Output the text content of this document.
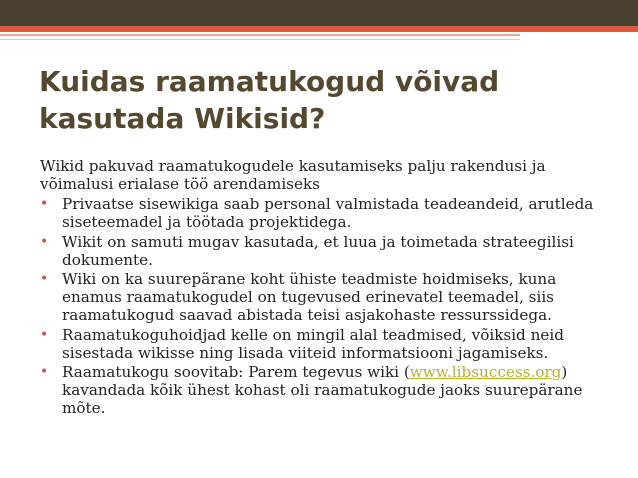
Kuidas raamatukogud võivad kasutada Wikisid?

Wikid pakuvad raamatukogudele kasutamiseks palju rakendusi ja võimalusi erialase töö arendamiseks

• Privaatse sisewikiga saab personal valmistada teadeandeid, arutleda siseteemadel ja töötada projektidega.
• Wikit on samuti mugav kasutada, et luua ja toimetada strateegilisi dokumente.
• Wiki on ka suurepärane koht ühiste teadmiste hoidmiseks, kuna enamus raamatukogudel on tugevused erinevatel teemadel, siis raamatukogud saavad abistada teisi asjakohaste ressurssidega.
• Raamatukoguhoidjad kelle on mingil alal teadmised, võiksid neid sisestada wikisse ning lisada viiteid informatsiooni jagamiseks.
• Raamatukogu soovitab: Parem tegevus wiki (www.libsuccess.org) kavandada kõik ühest kohast oli raamatukogude jaoks suurepärane mõte.
